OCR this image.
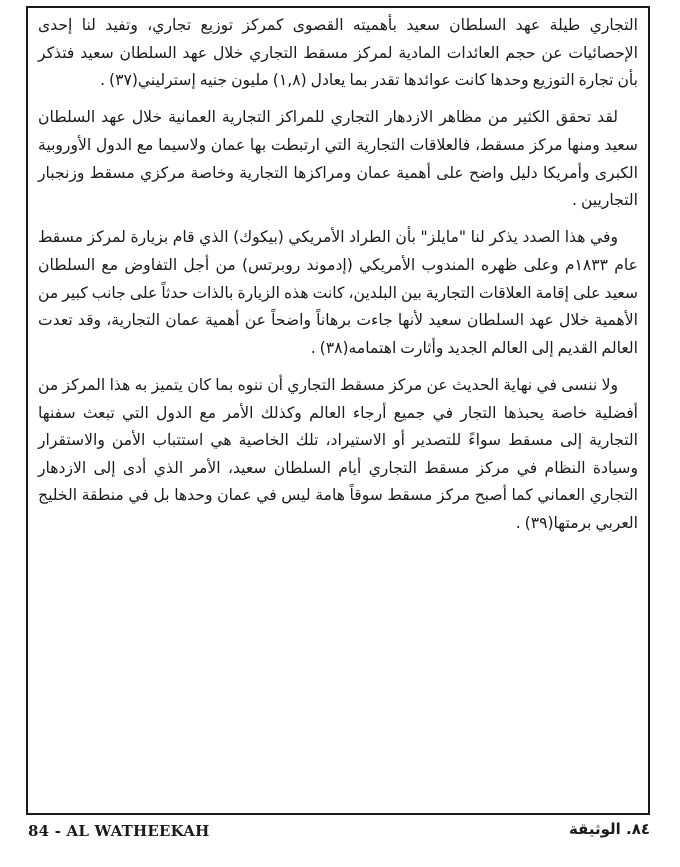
التجاري طيلة عهد السلطان سعيد بأهميته القصوى كمركز توزيع تجاري، وتفيد لنا إحدى الإحصائيات عن حجم العائدات المادية لمركز مسقط التجاري خلال عهد السلطان سعيد فتذكر بأن تجارة التوزيع وحدها كانت عوائدها تقدر بما يعادل (١,٨) مليون جنيه إسترليني(٣٧) .

لقد تحقق الكثير من مظاهر الازدهار التجاري للمراكز التجارية العمانية خلال عهد السلطان سعيد ومنها مركز مسقط، فالعلاقات التجارية التي ارتبطت بها عمان ولاسيما مع الدول الأوروبية الكبرى وأمريكا دليل واضح على أهمية عمان ومراكزها التجارية وخاصة مركزي مسقط وزنجبار التجاريين .

وفي هذا الصدد يذكر لنا "مايلز" بأن الطراد الأمريكي (بيكوك) الذي قام بزيارة لمركز مسقط عام ١٨٣٣م وعلى ظهره المندوب الأمريكي (إدموند روبرتس) من أجل التفاوض مع السلطان سعيد على إقامة العلاقات التجارية بين البلدين، كانت هذه الزيارة بالذات حدثاً على جانب كبير من الأهمية خلال عهد السلطان سعيد لأنها جاءت برهاناً واضحاً عن أهمية عمان التجارية، وقد تعدت العالم القديم إلى العالم الجديد وأثارت اهتمامه(٣٨) .

ولا ننسى في نهاية الحديث عن مركز مسقط التجاري أن ننوه بما كان يتميز به هذا المركز من أفضلية خاصة يحبذها التجار في جميع أرجاء العالم وكذلك الأمر مع الدول التي تبعث سفنها التجارية إلى مسقط سواءً للتصدير أو الاستيراد، تلك الخاصية هي استتباب الأمن والاستقرار وسيادة النظام في مركز مسقط التجاري أيام السلطان سعيد، الأمر الذي أدى إلى الازدهار التجاري العماني كما أصبح مركز مسقط سوقاً هامة ليس في عمان وحدها بل في منطقة الخليج العربي برمتها(٣٩) .

84 - AL WATHEEKAH	٨٤. الوثيقة
